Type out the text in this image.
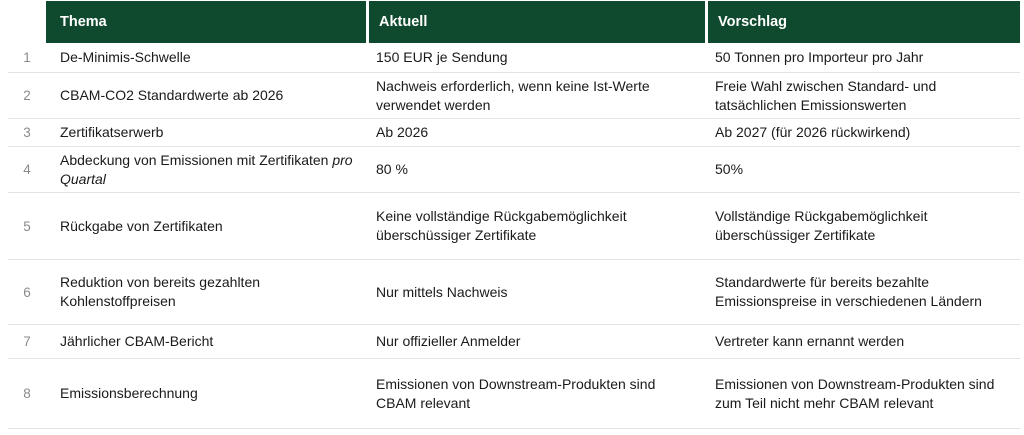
	Thema	Aktuell	Vorschlag
1	De-Minimis-Schwelle	150 EUR je Sendung	50 Tonnen pro Importeur pro Jahr
2	CBAM-CO2 Standardwerte ab 2026	Nachweis erforderlich, wenn keine Ist-Werte verwendet werden	Freie Wahl zwischen Standard- und tatsächlichen Emissionswerten
3	Zertifikatserwerb	Ab 2026	Ab 2027 (für 2026 rückwirkend)
4	Abdeckung von Emissionen mit Zertifikaten pro Quartal	80 %	50%
5	Rückgabe von Zertifikaten	Keine vollständige Rückgabemöglichkeit überschüssiger Zertifikate	Vollständige Rückgabemöglichkeit überschüssiger Zertifikate
6	Reduktion von bereits gezahlten Kohlenstoffpreisen	Nur mittels Nachweis	Standardwerte für bereits bezahlte Emissionspreise in verschiedenen Ländern
7	Jährlicher CBAM-Bericht	Nur offizieller Anmelder	Vertreter kann ernannt werden
8	Emissionsberechnung	Emissionen von Downstream-Produkten sind CBAM relevant	Emissionen von Downstream-Produkten sind zum Teil nicht mehr CBAM relevant
